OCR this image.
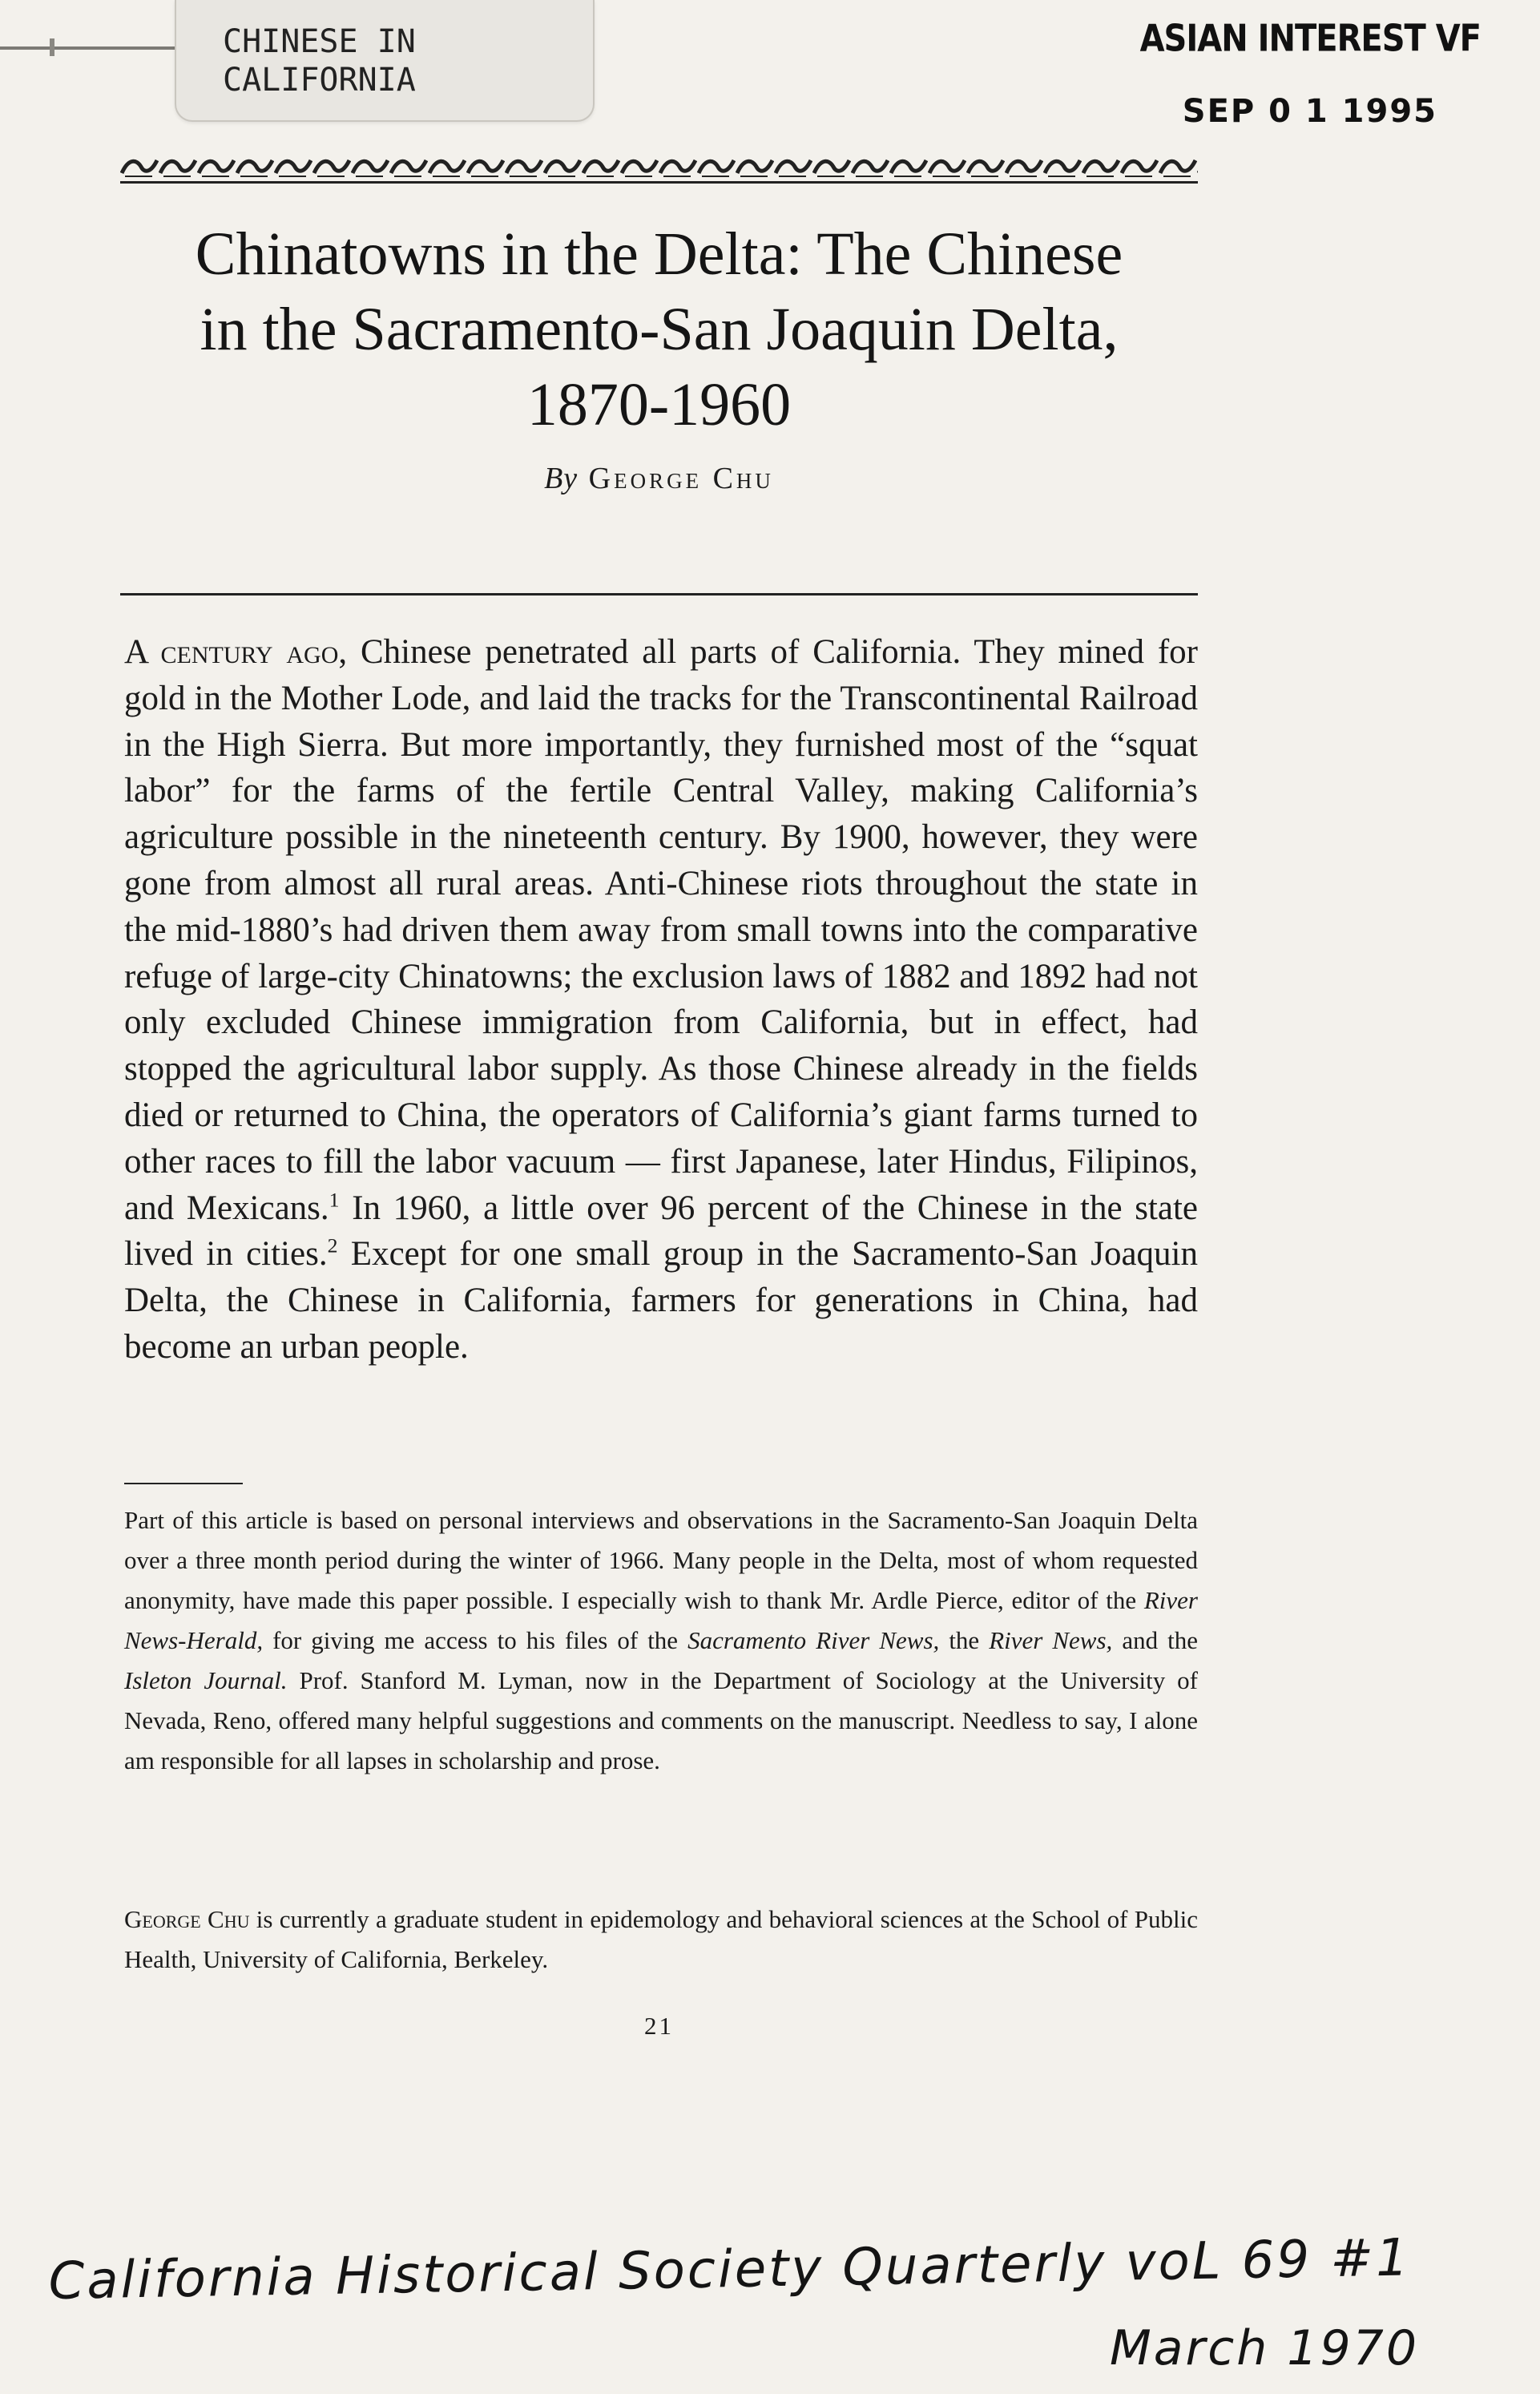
CHINESE IN
CALIFORNIA
ASIAN INTEREST VF
SEP 0 1 1995
Chinatowns in the Delta: The Chinese
in the Sacramento-San Joaquin Delta,
1870-1960
By George Chu
A century ago, Chinese penetrated all parts of California. They mined for gold in the Mother Lode, and laid the tracks for the Transcontinental Railroad in the High Sierra. But more importantly, they furnished most of the “squat labor” for the farms of the fertile Central Valley, making California’s agriculture possible in the nineteenth century. By 1900, however, they were gone from almost all rural areas. Anti-Chinese riots throughout the state in the mid-1880’s had driven them away from small towns into the comparative refuge of large-city Chinatowns; the exclusion laws of 1882 and 1892 had not only excluded Chinese immigration from California, but in effect, had stopped the agricultural labor supply. As those Chinese already in the fields died or returned to China, the operators of California’s giant farms turned to other races to fill the labor vacuum — first Japanese, later Hindus, Filipinos, and Mexicans.$^1$ In 1960, a little over 96 percent of the Chinese in the state lived in cities.$^2$ Except for one small group in the Sacramento-San Joaquin Delta, the Chinese in California, farmers for generations in China, had become an urban people.
Part of this article is based on personal interviews and observations in the Sacramento-San Joaquin Delta over a three month period during the winter of 1966. Many people in the Delta, most of whom requested anonymity, have made this paper possible. I especially wish to thank Mr. Ardle Pierce, editor of the River News-Herald, for giving me access to his files of the Sacramento River News, the River News, and the Isleton Journal. Prof. Stanford M. Lyman, now in the Department of Sociology at the University of Nevada, Reno, offered many helpful suggestions and comments on the manuscript. Needless to say, I alone am responsible for all lapses in scholarship and prose.
George Chu is currently a graduate student in epidemology and behavioral sciences at the School of Public Health, University of California, Berkeley.
21
California Historical Society Quarterly voL 69 #1
March 1970
